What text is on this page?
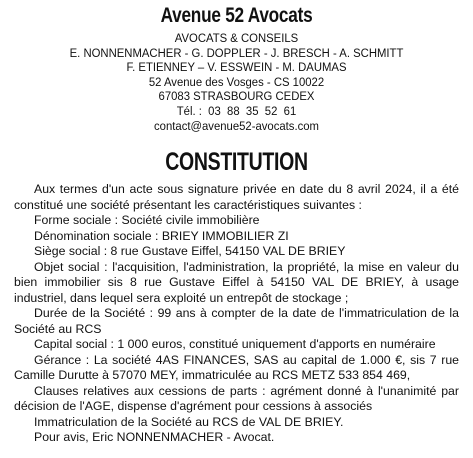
Avenue 52 Avocats
AVOCATS & CONSEILS
E. NONNENMACHER - G. DOPPLER - J. BRESCH - A. SCHMITT
F. ETIENNEY – V. ESSWEIN - M. DAUMAS
52 Avenue des Vosges - CS 10022
67083 STRASBOURG CEDEX
Tél. :  03  88  35  52  61
contact@avenue52-avocats.com
CONSTITUTION

Aux termes d'un acte sous signature privée en date du 8 avril 2024, il a été constitué une société présentant les caractéristiques suivantes :

Forme sociale : Société civile immobilière

Dénomination sociale : BRIEY IMMOBILIER ZI

Siège social : 8 rue Gustave Eiffel, 54150 VAL DE BRIEY

Objet social : l'acquisition, l'administration, la propriété, la mise en valeur du bien immobilier sis 8 rue Gustave Eiffel à 54150 VAL DE BRIEY, à usage industriel, dans lequel sera exploité un entrepôt de stockage ;

Durée de la Société : 99 ans à compter de la date de l'immatriculation de la Société au RCS

Capital social : 1 000 euros, constitué uniquement d'apports en numéraire

Gérance : La société 4AS FINANCES, SAS au capital de 1.000 €, sis 7 rue Camille Durutte à 57070 MEY, immatriculée au RCS METZ 533 854 469,

Clauses relatives aux cessions de parts : agrément donné à l'unanimité par décision de l'AGE, dispense d'agrément pour cessions à associés

Immatriculation de la Société au RCS de VAL DE BRIEY.

Pour avis, Eric NONNENMACHER - Avocat.
